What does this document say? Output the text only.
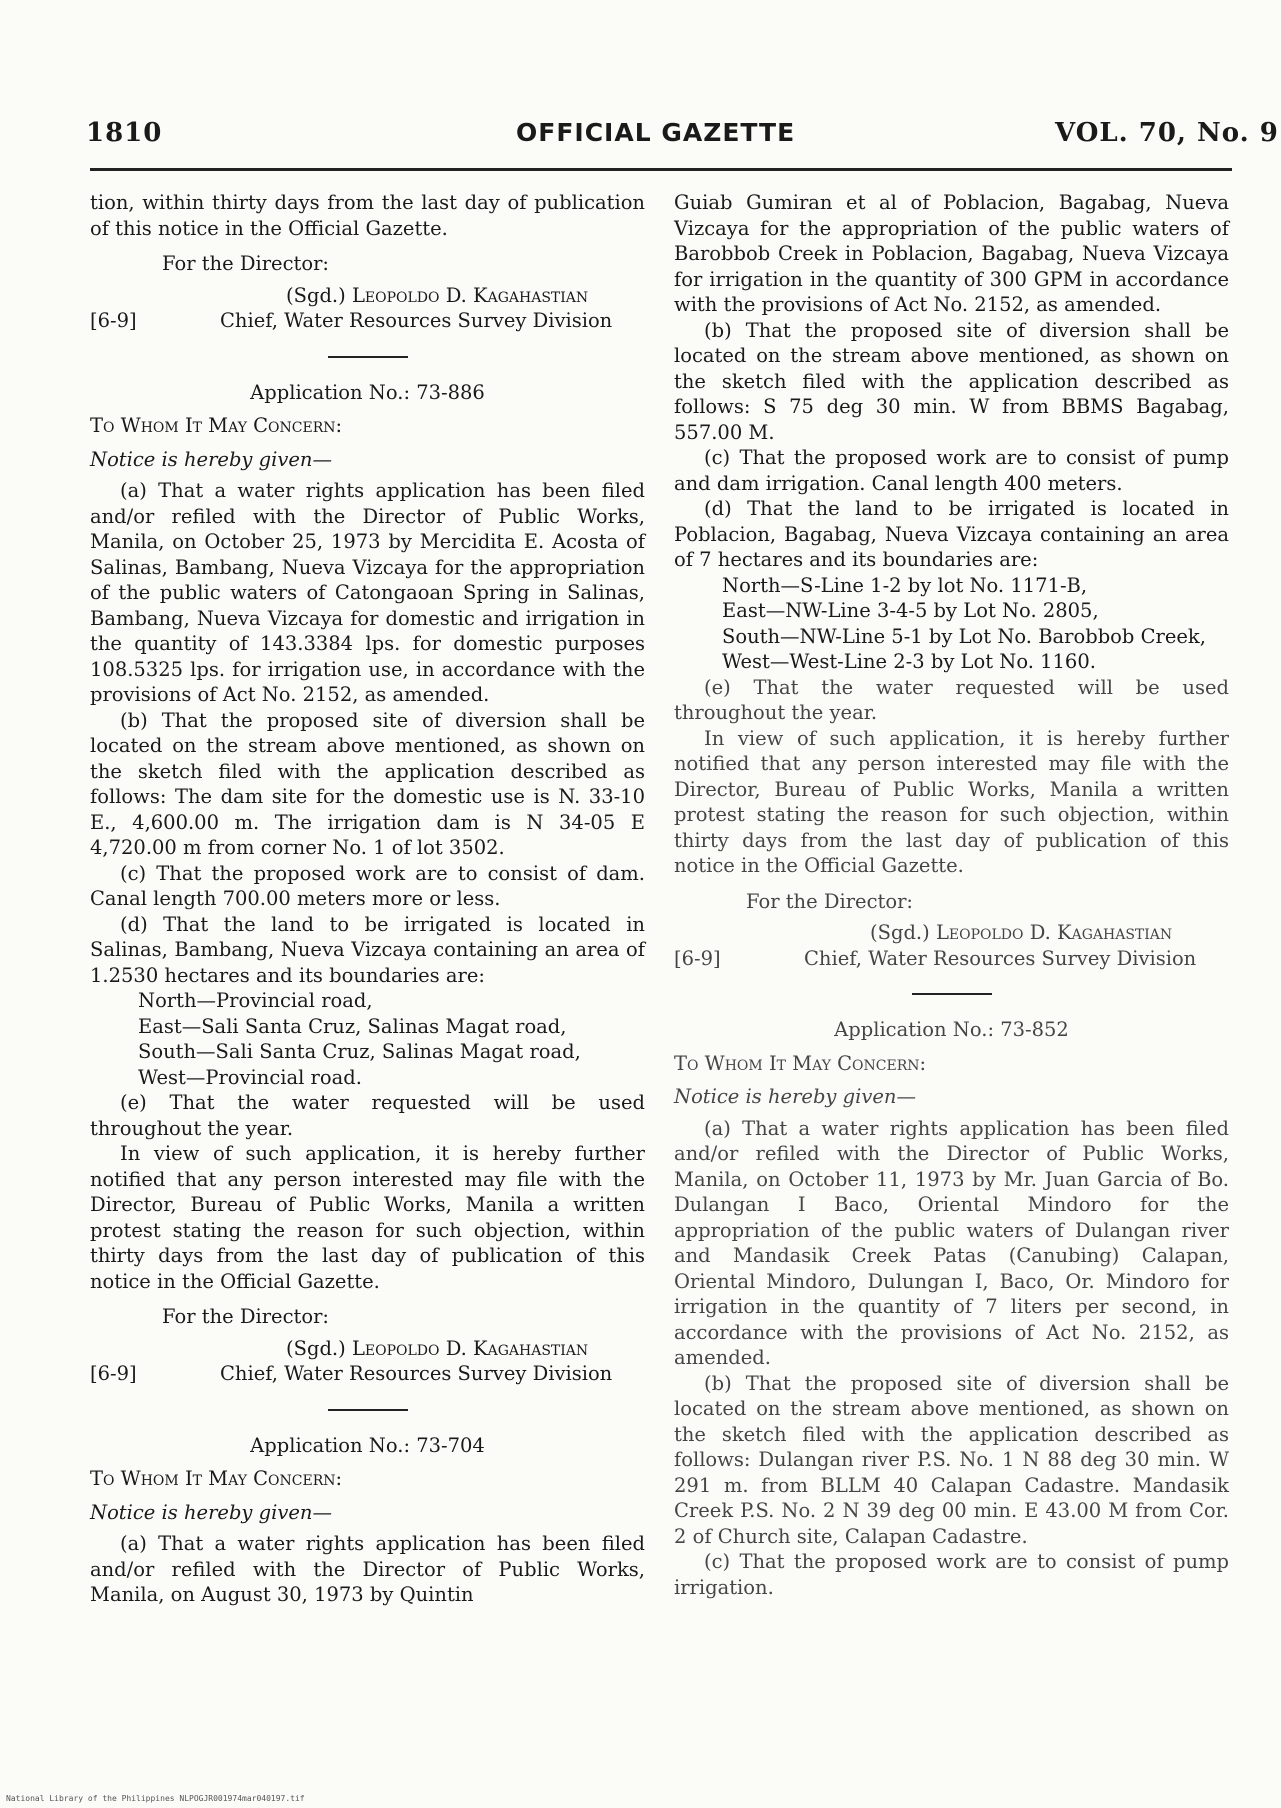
1810	OFFICIAL GAZETTE	VOL. 70, No. 9

tion, within thirty days from the last day of publication of this notice in the Official Gazette.

For the Director:

(Sgd.) Leopoldo D. Kagahastian
[6-9]	Chief, Water Resources Survey Division

Application No.: 73-886

To Whom It May Concern:

Notice is hereby given—

(a) That a water rights application has been filed and/or refiled with the Director of Public Works, Manila, on October 25, 1973 by Mercidita E. Acosta of Salinas, Bambang, Nueva Vizcaya for the appropriation of the public waters of Catongaoan Spring in Salinas, Bambang, Nueva Vizcaya for domestic and irrigation in the quantity of 143.3384 lps. for domestic purposes 108.5325 lps. for irrigation use, in accordance with the provisions of Act No. 2152, as amended.

(b) That the proposed site of diversion shall be located on the stream above mentioned, as shown on the sketch filed with the application described as follows: The dam site for the domestic use is N. 33-10 E., 4,600.00 m. The irrigation dam is N 34-05 E 4,720.00 m from corner No. 1 of lot 3502.

(c) That the proposed work are to consist of dam. Canal length 700.00 meters more or less.

(d) That the land to be irrigated is located in Salinas, Bambang, Nueva Vizcaya containing an area of 1.2530 hectares and its boundaries are:

North—Provincial road,

East—Sali Santa Cruz, Salinas Magat road,

South—Sali Santa Cruz, Salinas Magat road,

West—Provincial road.

(e) That the water requested will be used throughout the year.

In view of such application, it is hereby further notified that any person interested may file with the Director, Bureau of Public Works, Manila a written protest stating the reason for such objection, within thirty days from the last day of publication of this notice in the Official Gazette.

For the Director:

(Sgd.) Leopoldo D. Kagahastian
[6-9]	Chief, Water Resources Survey Division

Application No.: 73-704

To Whom It May Concern:

Notice is hereby given—

(a) That a water rights application has been filed and/or refiled with the Director of Public Works, Manila, on August 30, 1973 by Quintin

Guiab Gumiran et al of Poblacion, Bagabag, Nueva Vizcaya for the appropriation of the public waters of Barobbob Creek in Poblacion, Bagabag, Nueva Vizcaya for irrigation in the quantity of 300 GPM in accordance with the provisions of Act No. 2152, as amended.

(b) That the proposed site of diversion shall be located on the stream above mentioned, as shown on the sketch filed with the application described as follows: S 75 deg 30 min. W from BBMS Bagabag, 557.00 M.

(c) That the proposed work are to consist of pump and dam irrigation. Canal length 400 meters.

(d) That the land to be irrigated is located in Poblacion, Bagabag, Nueva Vizcaya containing an area of 7 hectares and its boundaries are:

North—S-Line 1-2 by lot No. 1171-B,

East—NW-Line 3-4-5 by Lot No. 2805,

South—NW-Line 5-1 by Lot No. Barobbob Creek,

West—West-Line 2-3 by Lot No. 1160.

(e) That the water requested will be used throughout the year.

In view of such application, it is hereby further notified that any person interested may file with the Director, Bureau of Public Works, Manila a written protest stating the reason for such objection, within thirty days from the last day of publication of this notice in the Official Gazette.

For the Director:

(Sgd.) Leopoldo D. Kagahastian
[6-9]	Chief, Water Resources Survey Division

Application No.: 73-852

To Whom It May Concern:

Notice is hereby given—

(a) That a water rights application has been filed and/or refiled with the Director of Public Works, Manila, on October 11, 1973 by Mr. Juan Garcia of Bo. Dulangan I Baco, Oriental Mindoro for the appropriation of the public waters of Dulangan river and Mandasik Creek Patas (Canubing) Calapan, Oriental Mindoro, Dulungan I, Baco, Or. Mindoro for irrigation in the quantity of 7 liters per second, in accordance with the provisions of Act No. 2152, as amended.

(b) That the proposed site of diversion shall be located on the stream above mentioned, as shown on the sketch filed with the application described as follows: Dulangan river P.S. No. 1 N 88 deg 30 min. W 291 m. from BLLM 40 Calapan Cadastre. Mandasik Creek P.S. No. 2 N 39 deg 00 min. E 43.00 M from Cor. 2 of Church site, Calapan Cadastre.

(c) That the proposed work are to consist of pump irrigation.

National Library of the Philippines NLPOGJR001974mar040197.tif
